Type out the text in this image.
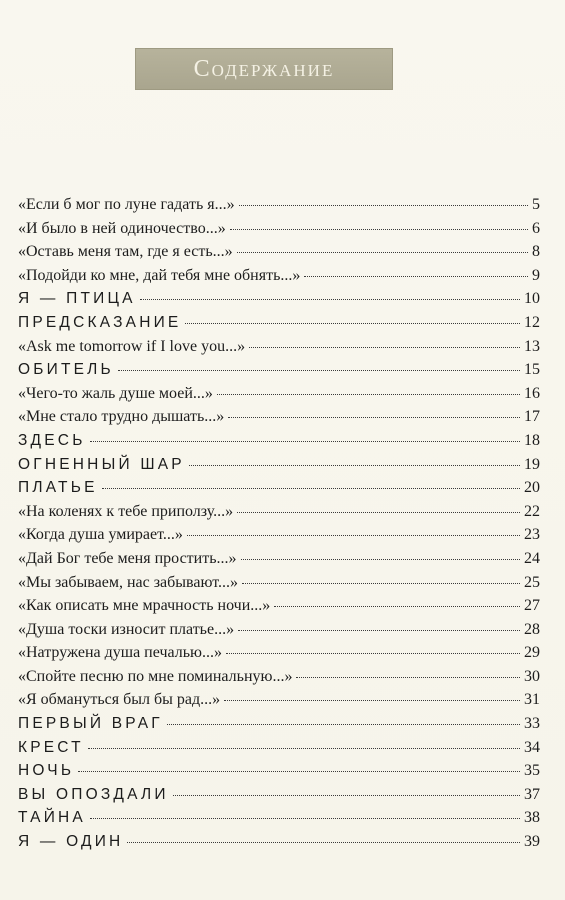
Содержание
«Если б мог по луне гадать я...»	5
«И было в ней одиночество...»	6
«Оставь меня там, где я есть...»	8
«Подойди ко мне, дай тебя мне обнять...»	9
Я — ПТИЦА	10
ПРЕДСКАЗАНИЕ	12
«Ask me tomorrow if I love you...»	13
ОБИТЕЛЬ	15
«Чего-то жаль душе моей...»	16
«Мне стало трудно дышать...»	17
ЗДЕСЬ	18
ОГНЕННЫЙ ШАР	19
ПЛАТЬЕ	20
«На коленях к тебе приползу...»	22
«Когда душа умирает...»	23
«Дай Бог тебе меня простить...»	24
«Мы забываем, нас забывают...»	25
«Как описать мне мрачность ночи...»	27
«Душа тоски износит платье...»	28
«Натружена душа печалью...»	29
«Спойте песню по мне поминальную...»	30
«Я обмануться был бы рад...»	31
ПЕРВЫЙ ВРАГ	33
КРЕСТ	34
НОЧЬ	35
ВЫ ОПОЗДАЛИ	37
ТАЙНА	38
Я — ОДИН	39
